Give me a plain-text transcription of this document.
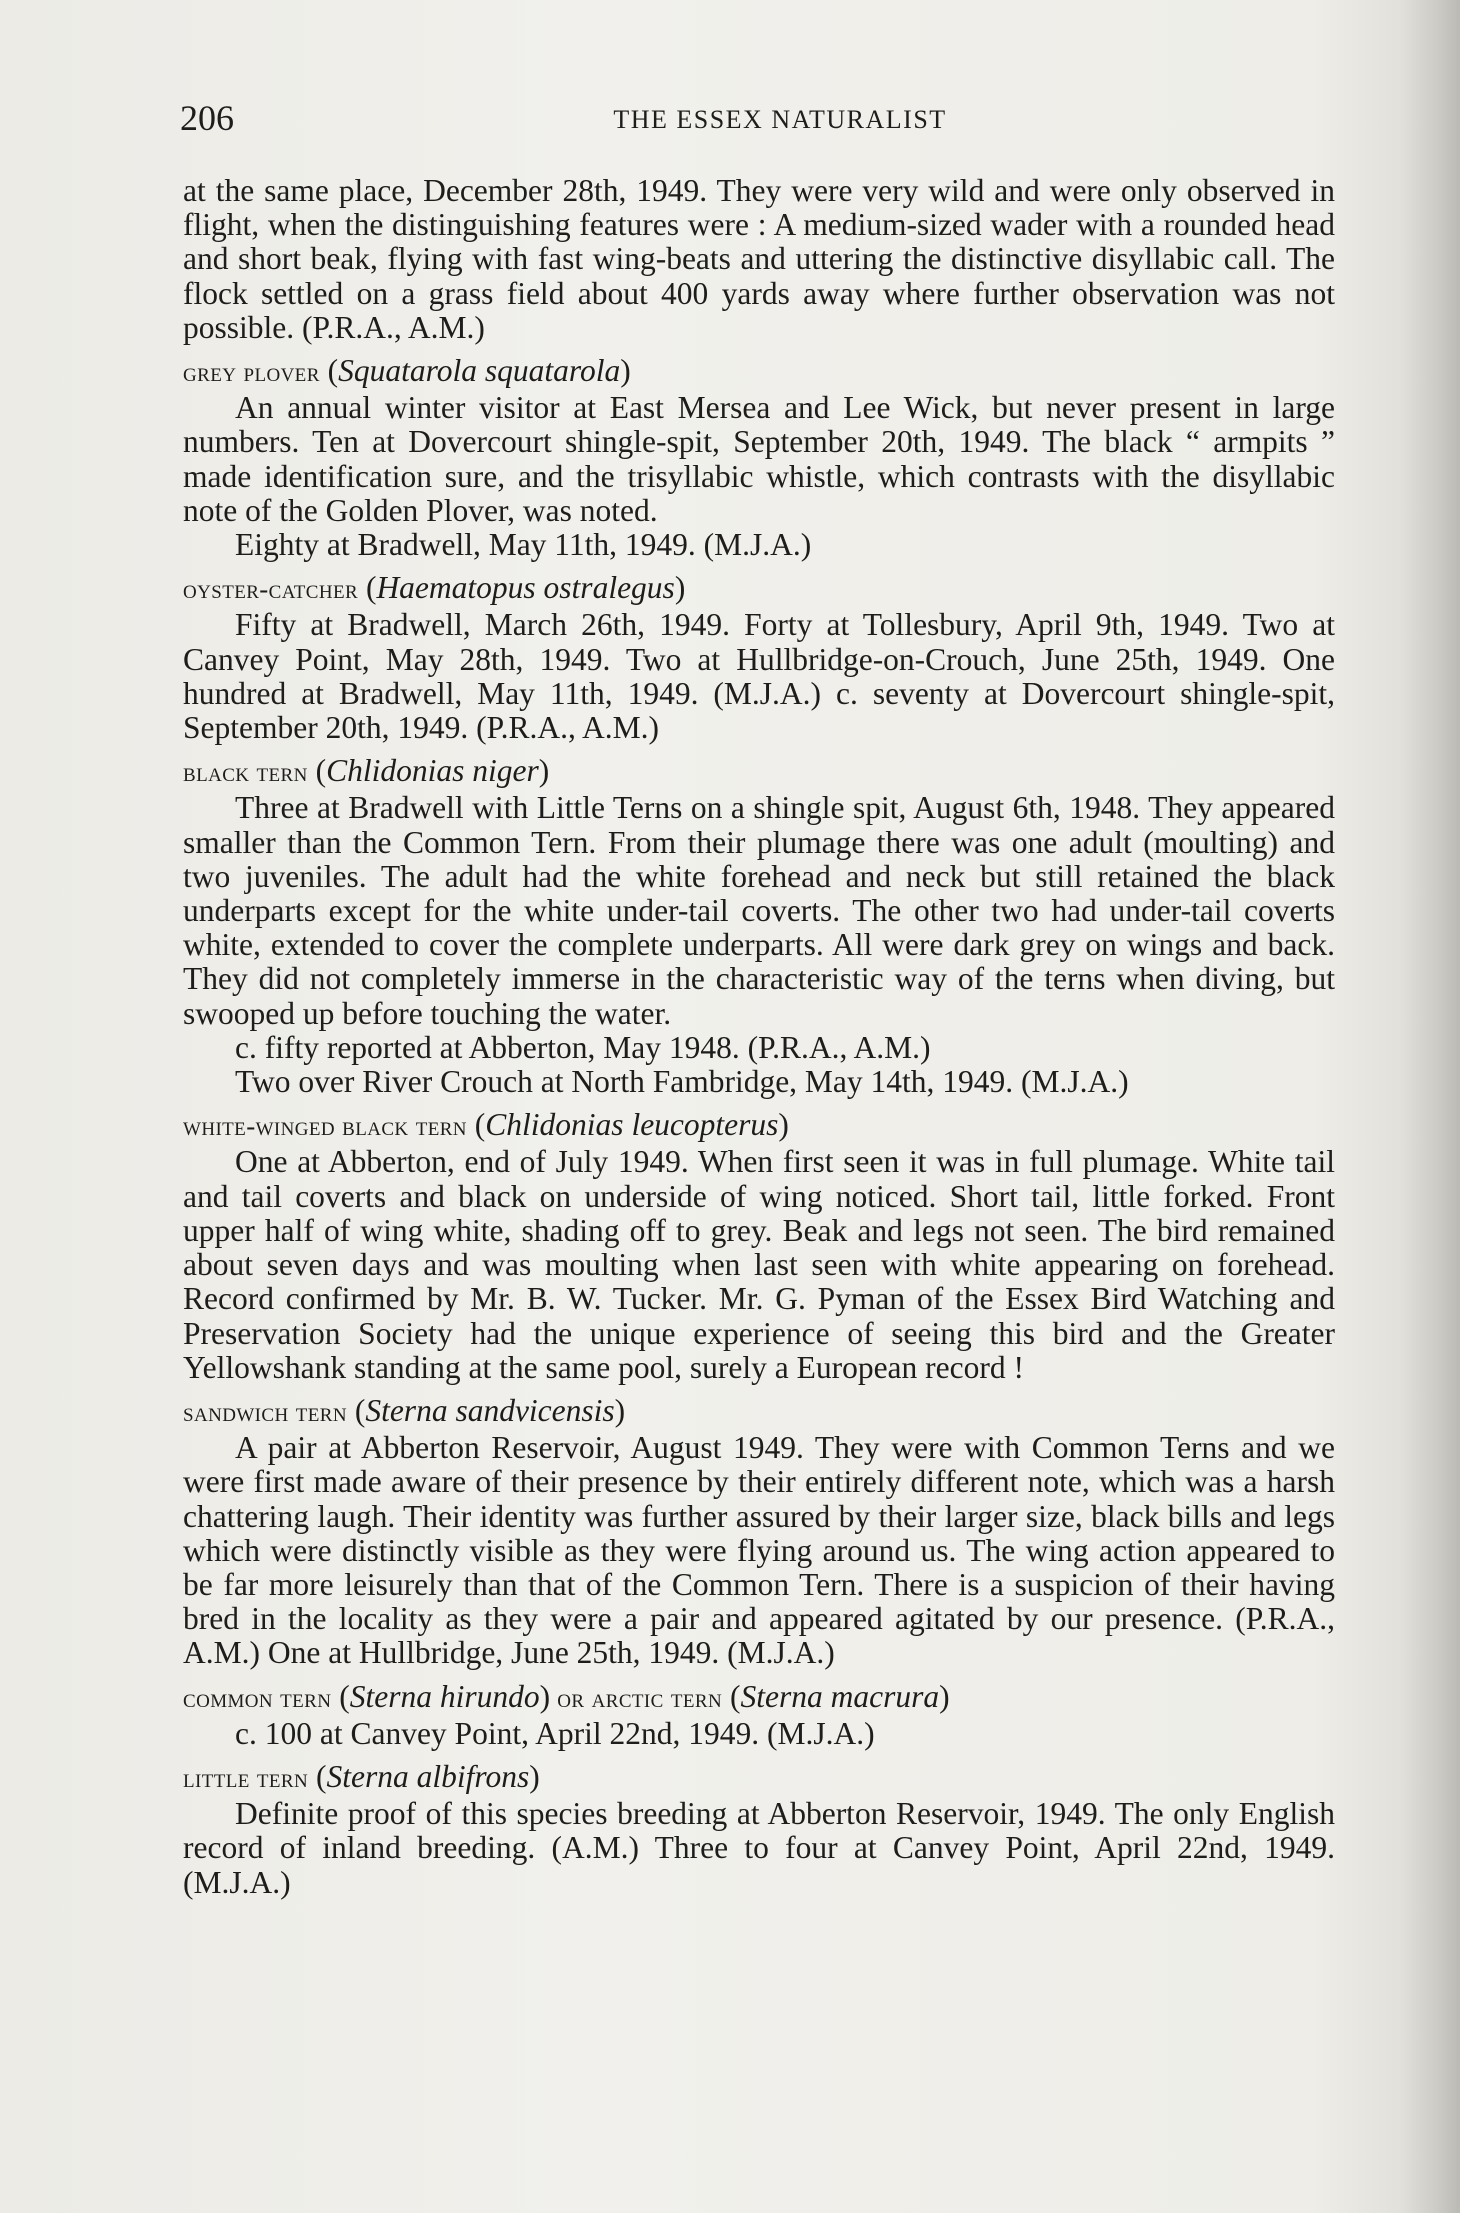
206	THE ESSEX NATURALIST

at the same place, December 28th, 1949. They were very wild and were only observed in flight, when the distinguishing features were : A medium-sized wader with a rounded head and short beak, flying with fast wing-beats and uttering the distinctive disyllabic call. The flock settled on a grass field about 400 yards away where further observation was not possible. (P.R.A., A.M.)

grey plover (Squatarola squatarola)

An annual winter visitor at East Mersea and Lee Wick, but never present in large numbers. Ten at Dovercourt shingle-spit, September 20th, 1949. The black “ armpits ” made identification sure, and the trisyllabic whistle, which contrasts with the disyllabic note of the Golden Plover, was noted.

Eighty at Bradwell, May 11th, 1949. (M.J.A.)

oyster-catcher (Haematopus ostralegus)

Fifty at Bradwell, March 26th, 1949. Forty at Tollesbury, April 9th, 1949. Two at Canvey Point, May 28th, 1949. Two at Hullbridge-on-Crouch, June 25th, 1949. One hundred at Bradwell, May 11th, 1949. (M.J.A.) c. seventy at Dovercourt shingle-spit, September 20th, 1949. (P.R.A., A.M.)

black tern (Chlidonias niger)

Three at Bradwell with Little Terns on a shingle spit, August 6th, 1948. They appeared smaller than the Common Tern. From their plumage there was one adult (moulting) and two juveniles. The adult had the white forehead and neck but still retained the black underparts except for the white under-tail coverts. The other two had under-tail coverts white, extended to cover the complete underparts. All were dark grey on wings and back. They did not completely immerse in the characteristic way of the terns when diving, but swooped up before touching the water.

c. fifty reported at Abberton, May 1948. (P.R.A., A.M.)

Two over River Crouch at North Fambridge, May 14th, 1949. (M.J.A.)

white-winged black tern (Chlidonias leucopterus)

One at Abberton, end of July 1949. When first seen it was in full plumage. White tail and tail coverts and black on underside of wing noticed. Short tail, little forked. Front upper half of wing white, shading off to grey. Beak and legs not seen. The bird remained about seven days and was moulting when last seen with white appearing on forehead. Record confirmed by Mr. B. W. Tucker. Mr. G. Pyman of the Essex Bird Watching and Preservation Society had the unique experience of seeing this bird and the Greater Yellowshank standing at the same pool, surely a European record !

sandwich tern (Sterna sandvicensis)

A pair at Abberton Reservoir, August 1949. They were with Common Terns and we were first made aware of their presence by their entirely different note, which was a harsh chattering laugh. Their identity was further assured by their larger size, black bills and legs which were distinctly visible as they were flying around us. The wing action appeared to be far more leisurely than that of the Common Tern. There is a suspicion of their having bred in the locality as they were a pair and appeared agitated by our presence. (P.R.A., A.M.) One at Hullbridge, June 25th, 1949. (M.J.A.)

common tern (Sterna hirundo) or arctic tern (Sterna macrura)

c. 100 at Canvey Point, April 22nd, 1949. (M.J.A.)

little tern (Sterna albifrons)

Definite proof of this species breeding at Abberton Reservoir, 1949. The only English record of inland breeding. (A.M.) Three to four at Canvey Point, April 22nd, 1949. (M.J.A.)
